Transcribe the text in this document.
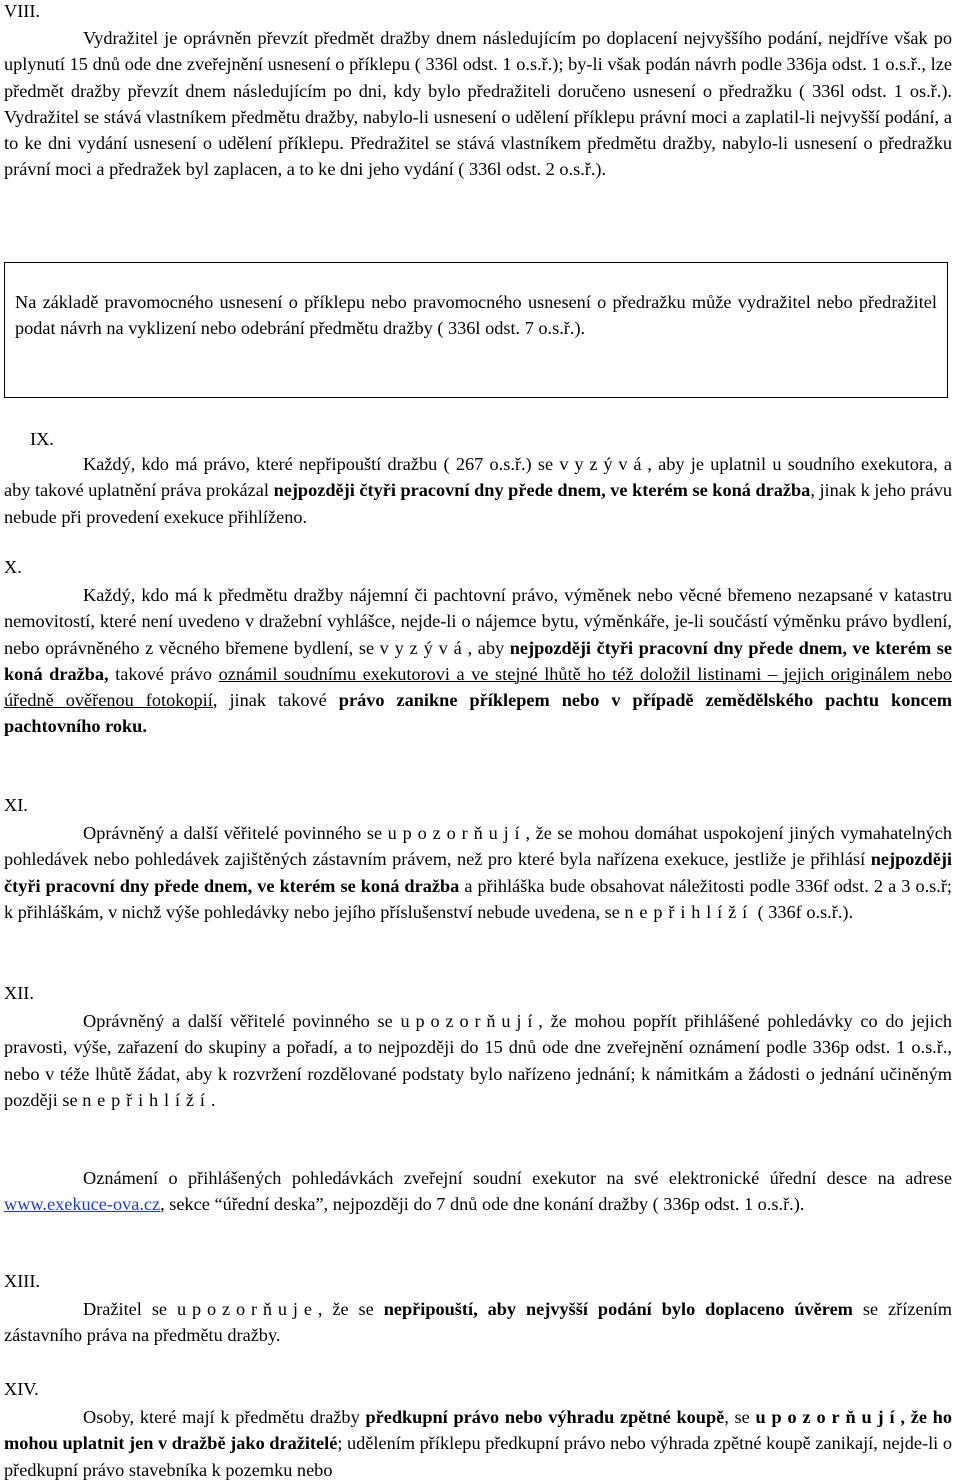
VIII.

Vydražitel je oprávněn převzít předmět dražby dnem následujícím po doplacení nejvyššího podání, nejdříve však po uplynutí 15 dnů ode dne zveřejnění usnesení o příklepu ( 336l odst. 1 o.s.ř.); by-li však podán návrh podle 336ja odst. 1 o.s.ř., lze předmět dražby převzít dnem následujícím po dni, kdy bylo předražiteli doručeno usnesení o předražku ( 336l odst. 1 os.ř.). Vydražitel se stává vlastníkem předmětu dražby, nabylo-li usnesení o udělení příklepu právní moci a zaplatil-li nejvyšší podání, a to ke dni vydání usnesení o udělení příklepu. Předražitel se stává vlastníkem předmětu dražby, nabylo-li usnesení o předražku právní moci a předražek byl zaplacen, a to ke dni jeho vydání ( 336l odst. 2 o.s.ř.).

Na základě pravomocného usnesení o příklepu nebo pravomocného usnesení o předražku může vydražitel nebo předražitel podat návrh na vyklizení nebo odebrání předmětu dražby ( 336l odst. 7 o.s.ř.).

IX.

Každý, kdo má právo, které nepřipouští dražbu ( 267 o.s.ř.) se vyzývá, aby je uplatnil u soudního exekutora, a aby takové uplatnění práva prokázal nejpozději čtyři pracovní dny přede dnem, ve kterém se koná dražba, jinak k jeho právu nebude při provedení exekuce přihlíženo.

X.

Každý, kdo má k předmětu dražby nájemní či pachtovní právo, výměnek nebo věcné břemeno nezapsané v katastru nemovitostí, které není uvedeno v dražební vyhlášce, nejde-li o nájemce bytu, výměnkáře, je-li součástí výměnku právo bydlení, nebo oprávněného z věcného břemene bydlení, se vyzývá, aby nejpozději čtyři pracovní dny přede dnem, ve kterém se koná dražba, takové právo oznámil soudnímu exekutorovi a ve stejné lhůtě ho též doložil listinami – jejich originálem nebo úředně ověřenou fotokopií, jinak takové právo zanikne příklepem nebo v případě zemědělského pachtu koncem pachtovního roku.

XI.

Oprávněný a další věřitelé povinného se upozorňují, že se mohou domáhat uspokojení jiných vymahatelných pohledávek nebo pohledávek zajištěných zástavním právem, než pro které byla nařízena exekuce, jestliže je přihlásí nejpozději čtyři pracovní dny přede dnem, ve kterém se koná dražba a přihláška bude obsahovat náležitosti podle 336f odst. 2 a 3 o.s.ř; k přihláškám, v nichž výše pohledávky nebo jejího příslušenství nebude uvedena, se nepřihlíží ( 336f o.s.ř.).

XII.

Oprávněný a další věřitelé povinného se upozorňují, že mohou popřít přihlášené pohledávky co do jejich pravosti, výše, zařazení do skupiny a pořadí, a to nejpozději do 15 dnů ode dne zveřejnění oznámení podle 336p odst. 1 o.s.ř., nebo v téže lhůtě žádat, aby k rozvržení rozdělované podstaty bylo nařízeno jednání; k námitkám a žádosti o jednání učiněným později se nepřihlíží.

Oznámení o přihlášených pohledávkách zveřejní soudní exekutor na své elektronické úřední desce na adrese www.exekuce-ova.cz, sekce “úřední deska”, nejpozději do 7 dnů ode dne konání dražby ( 336p odst. 1 o.s.ř.).

XIII.

Dražitel se upozorňuje, že se nepřipouští, aby nejvyšší podání bylo doplaceno úvěrem se zřízením zástavního práva na předmětu dražby.

XIV.

Osoby, které mají k předmětu dražby předkupní právo nebo výhradu zpětné koupě, se upozorňují, že ho mohou uplatnit jen v dražbě jako dražitelé; udělením příklepu předkupní právo nebo výhrada zpětné koupě zanikají, nejde-li o předkupní právo stavebníka k pozemku nebo
